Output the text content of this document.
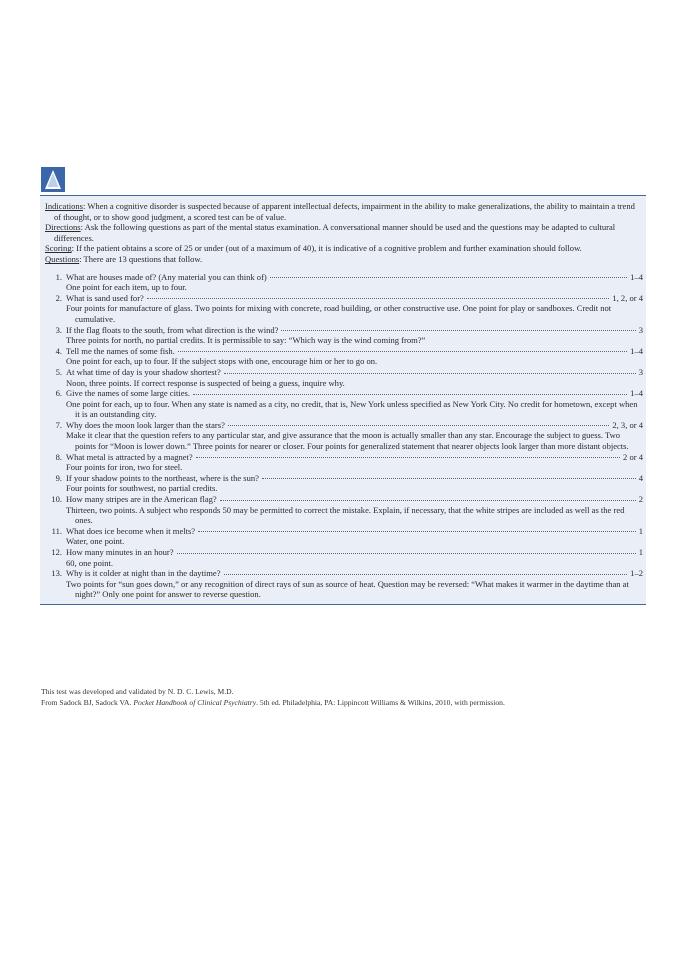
Indications: When a cognitive disorder is suspected because of apparent intellectual defects, impairment in the ability to make generalizations, the ability to maintain a trend of thought, or to show good judgment, a scored test can be of value.

Directions: Ask the following questions as part of the mental status examination. A conversational manner should be used and the questions may be adapted to cultural differences.

Scoring: If the patient obtains a score of 25 or under (out of a maximum of 40), it is indicative of a cognitive problem and further examination should follow.

Questions: There are 13 questions that follow.

1. What are houses made of? (Any material you can think of)	1–4
One point for each item, up to four.
2. What is sand used for?	1, 2, or 4
Four points for manufacture of glass. Two points for mixing with concrete, road building, or other constructive use. One point for play or sandboxes. Credit not cumulative.
3. If the flag floats to the south, from what direction is the wind?	3
Three points for north, no partial credits. It is permissible to say: “Which way is the wind coming from?”
4. Tell me the names of some fish.	1–4
One point for each, up to four. If the subject stops with one, encourage him or her to go on.
5. At what time of day is your shadow shortest?	3
Noon, three points. If correct response is suspected of being a guess, inquire why.
6. Give the names of some large cities.	1–4
One point for each, up to four. When any state is named as a city, no credit, that is, New York unless specified as New York City. No credit for hometown, except when it is an outstanding city.
7. Why does the moon look larger than the stars?	2, 3, or 4
Make it clear that the question refers to any particular star, and give assurance that the moon is actually smaller than any star. Encourage the subject to guess. Two points for “Moon is lower down.” Three points for nearer or closer. Four points for generalized statement that nearer objects look larger than more distant objects.
8. What metal is attracted by a magnet?	2 or 4
Four points for iron, two for steel.
9. If your shadow points to the northeast, where is the sun?	4
Four points for southwest, no partial credits.
10. How many stripes are in the American flag?	2
Thirteen, two points. A subject who responds 50 may be permitted to correct the mistake. Explain, if necessary, that the white stripes are included as well as the red ones.
11. What does ice become when it melts?	1
Water, one point.
12. How many minutes in an hour?	1
60, one point.
13. Why is it colder at night than in the daytime?	1–2
Two points for “sun goes down,” or any recognition of direct rays of sun as source of heat. Question may be reversed: “What makes it warmer in the daytime than at night?” Only one point for answer to reverse question.

This test was developed and validated by N. D. C. Lewis, M.D.

From Sadock BJ, Sadock VA. Pocket Handbook of Clinical Psychiatry. 5th ed. Philadelphia, PA: Lippincott Williams & Wilkins, 2010, with permission.
